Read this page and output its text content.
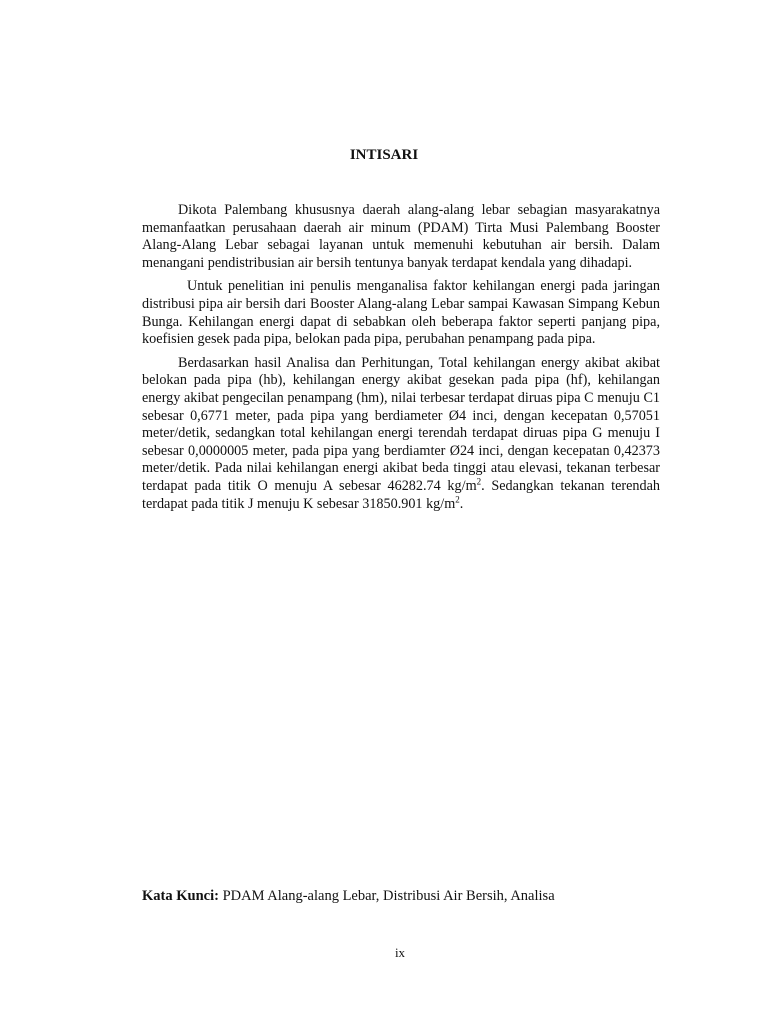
INTISARI

Dikota Palembang khususnya daerah alang-alang lebar sebagian masyarakatnya memanfaatkan perusahaan daerah air minum (PDAM) Tirta Musi Palembang Booster Alang-Alang Lebar sebagai layanan untuk memenuhi kebutuhan air bersih. Dalam menangani pendistribusian air bersih tentunya banyak terdapat kendala yang dihadapi.

Untuk penelitian ini penulis menganalisa faktor kehilangan energi pada jaringan distribusi pipa air bersih dari Booster Alang-alang Lebar sampai Kawasan Simpang Kebun Bunga. Kehilangan energi dapat di sebabkan oleh beberapa faktor seperti panjang pipa, koefisien gesek pada pipa, belokan pada pipa, perubahan penampang pada pipa.

Berdasarkan hasil Analisa dan Perhitungan, Total kehilangan energy akibat akibat belokan pada pipa (hb), kehilangan energy akibat gesekan pada pipa (hf), kehilangan energy akibat pengecilan penampang (hm), nilai terbesar terdapat diruas pipa C menuju C1 sebesar 0,6771 meter, pada pipa yang berdiameter Ø4 inci, dengan kecepatan 0,57051 meter/detik, sedangkan total kehilangan energi terendah terdapat diruas pipa G menuju I sebesar 0,0000005 meter, pada pipa yang berdiamter Ø24 inci, dengan kecepatan 0,42373 meter/detik. Pada nilai kehilangan energi akibat beda tinggi atau elevasi, tekanan terbesar terdapat pada titik O menuju A sebesar 46282.74 $kg/m^2$. Sedangkan tekanan terendah terdapat pada titik J menuju K sebesar 31850.901 $kg/m^2$.

Kata Kunci: PDAM Alang-alang Lebar, Distribusi Air Bersih, Analisa

ix
